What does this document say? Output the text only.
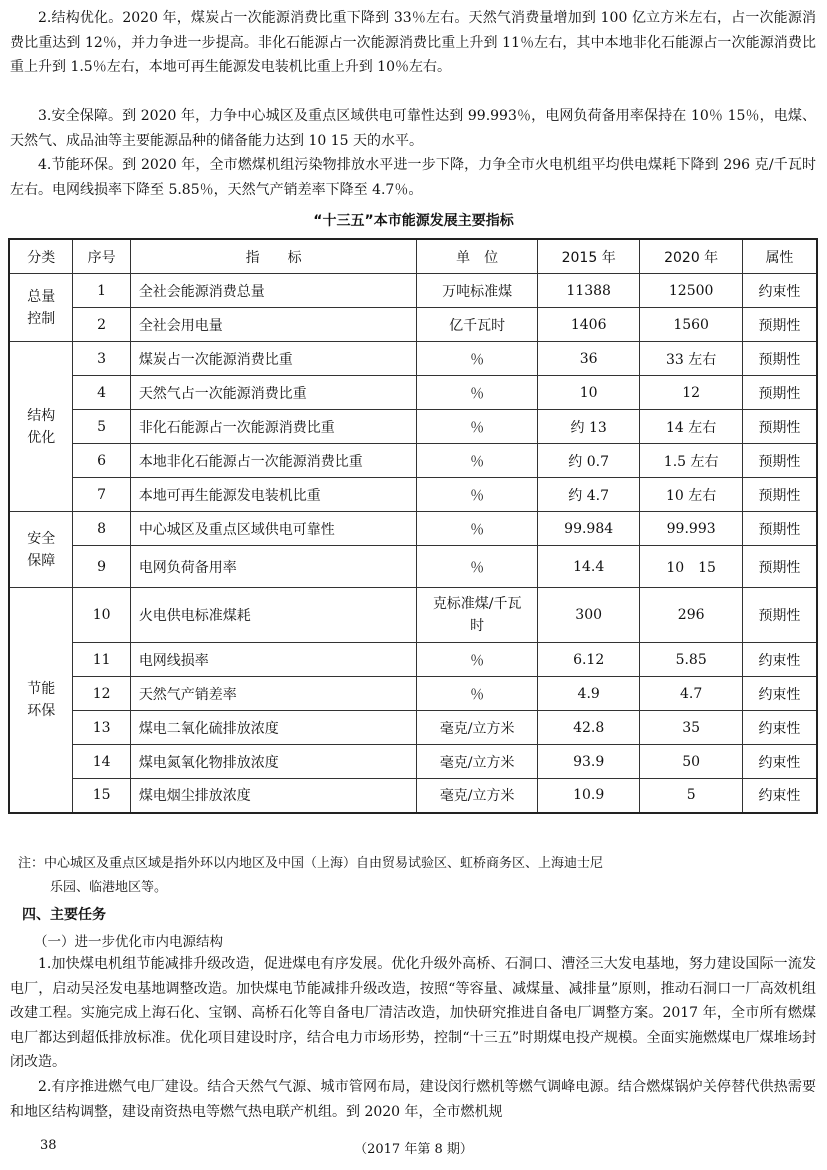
2.结构优化。2020 年，煤炭占一次能源消费比重下降到 33％左右。天然气消费量增加到 100 亿立方米左右，占一次能源消费比重达到 12％，并力争进一步提高。非化石能源占一次能源消费比重上升到 11％左右，其中本地非化石能源占一次能源消费比重上升到 1.5％左右，本地可再生能源发电装机比重上升到 10％左右。

3.安全保障。到 2020 年，力争中心城区及重点区域供电可靠性达到 99.993％，电网负荷备用率保持在 10％ 15％，电煤、天然气、成品油等主要能源品种的储备能力达到 10 15 天的水平。

4.节能环保。到 2020 年，全市燃煤机组污染物排放水平进一步下降，力争全市火电机组平均供电煤耗下降到 296 克/千瓦时左右。电网线损率下降至 5.85％，天然气产销差率下降至 4.7％。

“十三五”本市能源发展主要指标
分类	序号	指　　标	单　位	2015 年	2020 年	属性
总量控制	1	全社会能源消费总量	万吨标准煤	11388	12500	约束性
	2	全社会用电量	亿千瓦时	1406	1560	预期性
结构优化	3	煤炭占一次能源消费比重	％	36	33 左右	预期性
	4	天然气占一次能源消费比重	％	10	12	预期性
	5	非化石能源占一次能源消费比重	％	约 13	14 左右	预期性
	6	本地非化石能源占一次能源消费比重	％	约 0.7	1.5 左右	预期性
	7	本地可再生能源发电装机比重	％	约 4.7	10 左右	预期性
安全保障	8	中心城区及重点区域供电可靠性	％	99.984	99.993	预期性
	9	电网负荷备用率	％	14.4	10　15	预期性
节能环保	10	火电供电标准煤耗	克标准煤/千瓦时	300	296	预期性
	11	电网线损率	％	6.12	5.85	约束性
	12	天然气产销差率	％	4.9	4.7	约束性
	13	煤电二氧化硫排放浓度	毫克/立方米	42.8	35	约束性
	14	煤电氮氧化物排放浓度	毫克/立方米	93.9	50	约束性
	15	煤电烟尘排放浓度	毫克/立方米	10.9	5	约束性
注：中心城区及重点区域是指外环以内地区及中国（上海）自由贸易试验区、虹桥商务区、上海迪士尼
乐园、临港地区等。

四、主要任务

（一）进一步优化市内电源结构

1.加快煤电机组节能减排升级改造，促进煤电有序发展。优化升级外高桥、石洞口、漕泾三大发电基地，努力建设国际一流发电厂，启动吴泾发电基地调整改造。加快煤电节能减排升级改造，按照“等容量、减煤量、减排量”原则，推动石洞口一厂高效机组改建工程。实施完成上海石化、宝钢、高桥石化等自备电厂清洁改造，加快研究推进自备电厂调整方案。2017 年，全市所有燃煤电厂都达到超低排放标准。优化项目建设时序，结合电力市场形势，控制“十三五”时期煤电投产规模。全面实施燃煤电厂煤堆场封闭改造。

2.有序推进燃气电厂建设。结合天然气气源、城市管网布局，建设闵行燃机等燃气调峰电源。结合燃煤锅炉关停替代供热需要和地区结构调整，建设南资热电等燃气热电联产机组。到 2020 年，全市燃机规

38	（2017 年第 8 期）
